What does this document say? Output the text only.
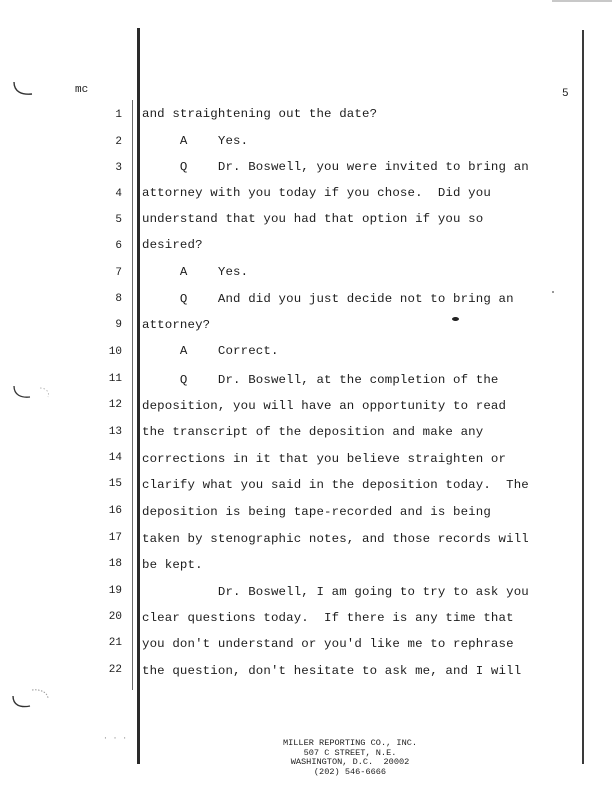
mc	5
1 and straightening out the date?
2 A    Yes.
3 Q    Dr. Boswell, you were invited to bring an
4 attorney with you today if you chose.  Did you
5 understand that you had that option if you so
6 desired?
7 A    Yes.
8 Q    And did you just decide not to bring an
9 attorney?
10 A    Correct.
11 Q    Dr. Boswell, at the completion of the
12 deposition, you will have an opportunity to read
13 the transcript of the deposition and make any
14 corrections in it that you believe straighten or
15 clarify what you said in the deposition today.  The
16 deposition is being tape-recorded and is being
17 taken by stenographic notes, and those records will
18 be kept.
19 Dr. Boswell, I am going to try to ask you
20 clear questions today.  If there is any time that
21 you don't understand or you'd like me to rephrase
22 the question, don't hesitate to ask me, and I will
· · ·	MILLER REPORTING CO., INC.
507 C STREET, N.E.
WASHINGTON, D.C.  20002
(202) 546-6666
